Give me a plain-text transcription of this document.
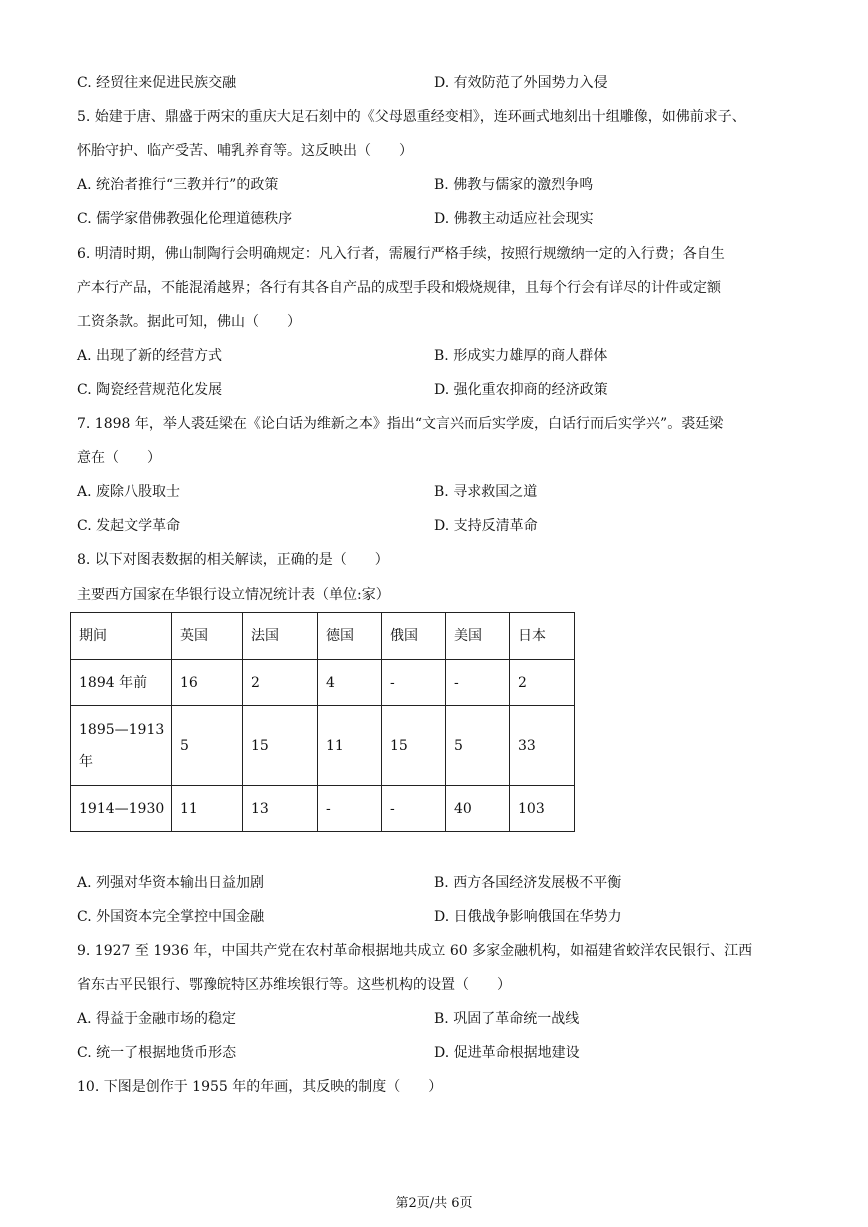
C. 经贸往来促进民族交融	D. 有效防范了外国势力入侵
5. 始建于唐、鼎盛于两宋的重庆大足石刻中的《父母恩重经变相》，连环画式地刻出十组雕像，如佛前求子、
怀胎守护、临产受苦、哺乳养育等。这反映出（　　）
A. 统治者推行“三教并行”的政策	B. 佛教与儒家的激烈争鸣
C. 儒学家借佛教强化伦理道德秩序	D. 佛教主动适应社会现实
6. 明清时期，佛山制陶行会明确规定：凡入行者，需履行严格手续，按照行规缴纳一定的入行费；各自生
产本行产品，不能混淆越界；各行有其各自产品的成型手段和煅烧规律，且每个行会有详尽的计件或定额
工资条款。据此可知，佛山（　　）
A. 出现了新的经营方式	B. 形成实力雄厚的商人群体
C. 陶瓷经营规范化发展	D. 强化重农抑商的经济政策
7. 1898 年，举人裘廷梁在《论白话为维新之本》指出“文言兴而后实学废，白话行而后实学兴”。裘廷梁
意在（　　）
A. 废除八股取士	B. 寻求救国之道
C. 发起文学革命	D. 支持反清革命
8. 以下对图表数据的相关解读，正确的是（　　）
主要西方国家在华银行设立情况统计表（单位:家）
期间	英国	法国	德国	俄国	美国	日本
1894 年前	16	2	4	-	-	2

1895—1913
年	5	15	11	15	5	33
1914—1930	11	13	-	-	40	103
A. 列强对华资本输出日益加剧	B. 西方各国经济发展极不平衡
C. 外国资本完全掌控中国金融	D. 日俄战争影响俄国在华势力
9. 1927 至 1936 年，中国共产党在农村革命根据地共成立 60 多家金融机构，如福建省蛟洋农民银行、江西
省东古平民银行、鄂豫皖特区苏维埃银行等。这些机构的设置（　　）
A. 得益于金融市场的稳定	B. 巩固了革命统一战线
C. 统一了根据地货币形态	D. 促进革命根据地建设
10. 下图是创作于 1955 年的年画，其反映的制度（　　）
第2页/共 6页
